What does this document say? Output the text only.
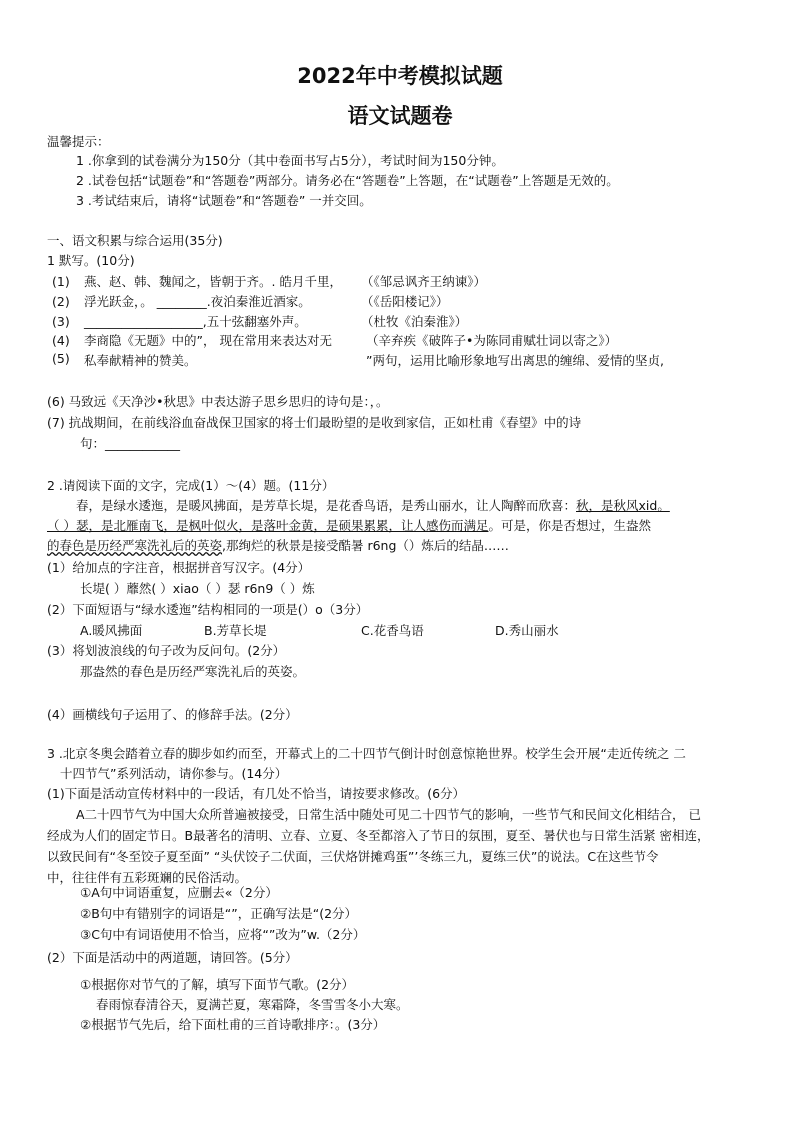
2022年中考模拟试题
语文试题卷
温馨提示：
1 .你拿到的试卷满分为150分（其中卷面书写占5分），考试时间为150分钟。
2 .试卷包括“试题卷”和“答题卷”两部分。请务必在“答题卷”上答题，在“试题卷”上答题是无效的。
3 .考试结束后，请将“试题卷”和“答题卷” 一并交回。
一、语文积累与综合运用(35分)
1 默写。(10分)
(1) 燕、赵、韩、魏闻之，皆朝于齐。. 皓月千里， （《邹忌讽齐王纳谏》）
(2) 浮光跃金，。 ________.夜泊秦淮近酒家。	（《岳阳楼记》）
(3) ___________________,五十弦翻塞外声。	（杜牧《泊秦淮》）
(4) 李商隐《无题》中的”， 现在常用来表达对无	（辛弃疾《破阵子•为陈同甫赋壮词以寄之》）
(5) 私奉献精神的赞美。	”两句，运用比喻形象地写出离思的缠绵、爱情的坚贞,
(6) 马致远《天净沙•秋思》中表达游子思乡思归的诗句是：，。
(7) 抗战期间，在前线浴血奋战保卫国家的将士们最盼望的是收到家信，正如杜甫《春望》中的诗
句：____________
2 .请阅读下面的文字，完成(1）～(4）题。(11分）
春，是绿水逶迤，是暖风拂面，是芳草长堤，是花香鸟语，是秀山丽水，让人陶醉而欣喜：秋，是秋风xid。
（ ）瑟，是北雁南飞，是枫叶似火，是落叶金黄，是硕果累累，让人感伤而满足。可是，你是否想过，生盎然
的春色是历经严寒洗礼后的英姿,那绚烂的秋景是接受酷暑 r6ng（）炼后的结晶……
(1）给加点的字注音，根据拼音写汉字。(4分）
长堤( ）蘼然( ）xiao（ ）瑟 r6n9（ ）炼
(2）下面短语与“绿水逶迤”结构相同的一项是(）o（3分）
A.暖风拂面	B.芳草长堤	C.花香鸟语	D.秀山丽水
(3）将划波浪线的句子改为反问句。(2分）
那盎然的春色是历经严寒洗礼后的英姿。
(4）画横线句子运用了、的修辞手法。(2分）
3 .北京冬奥会踏着立春的脚步如约而至，开幕式上的二十四节气倒计时创意惊艳世界。校学生会开展“走近传统之 二
十四节气”系列活动，请你参与。(14分）
(1)下面是活动宣传材料中的一段话，有几处不恰当，请按要求修改。(6分）
A二十四节气为中国大众所普遍被接受，日常生活中随处可见二十四节气的影响，一些节气和民间文化相结合， 已
经成为人们的固定节日。B最著名的清明、立春、立夏、冬至都溶入了节日的氛围，夏至、暑伏也与日常生活紧 密相连，
以致民间有“冬至饺子夏至面” “头伏饺子二伏面，三伏烙饼摊鸡蛋”’冬练三九，夏练三伏”的说法。C在这些节令
中，往往伴有五彩斑斓的民俗活动。
①A句中词语重复，应删去«（2分）
②B句中有错别字的词语是“”，正确写法是“(2分）
③C句中有词语使用不恰当，应将“”改为”w.（2分）
(2）下面是活动中的两道题，请回答。(5分）
①根据你对节气的了解，填写下面节气歌。(2分）
春雨惊春清谷天，夏满芒夏，寒霜降，冬雪雪冬小大寒。
②根据节气先后，给下面杜甫的三首诗歌排序：。(3分）
